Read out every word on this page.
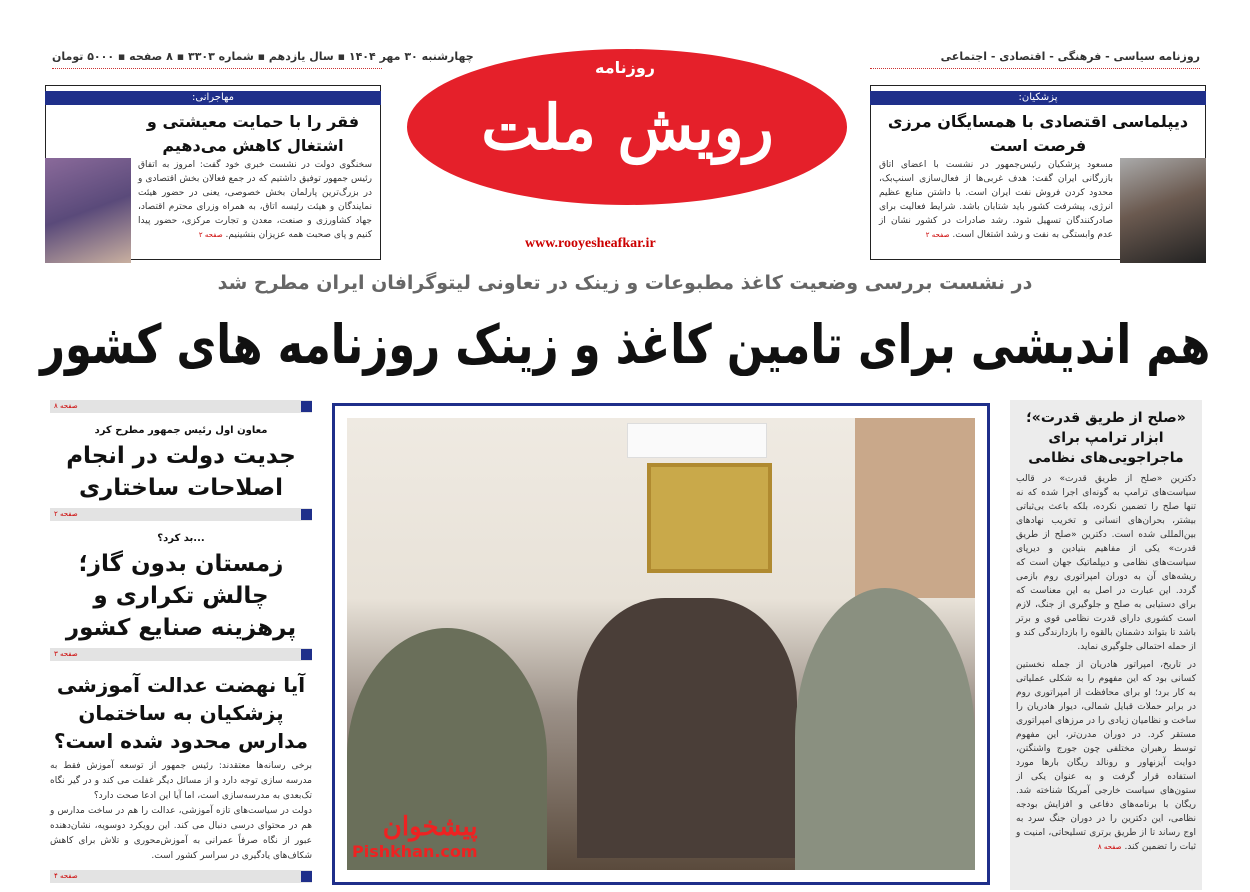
چهارشنبه ۳۰ مهر ۱۴۰۴ ▪ سال یازدهم ▪ شماره ۳۳۰۳ ▪ ۸ صفحه ▪ ۵۰۰۰ تومان	روزنامه سیاسی - فرهنگی - اقتصادی - اجتماعی
مهاجرانی:
فقر را با حمایت معیشتی و اشتغال کاهش می‌دهیم

سخنگوی دولت در نشست خبری خود گفت: امروز به اتفاق رئیس جمهور توفیق داشتیم که در جمع فعالان بخش اقتصادی و در بزرگ‌ترین پارلمان بخش خصوصی، یعنی در حضور هیئت نمایندگان و هیئت رئیسه اتاق، به همراه وزرای محترم اقتصاد، جهاد کشاورزی و صنعت، معدن و تجارت مرکزی، حضور پیدا کنیم و پای صحبت همه عزیزان بنشینیم. صفحه ۲

پزشکیان:
دیپلماسی اقتصادی با همسایگان مرزی فرصت است

مسعود پزشکیان رئیس‌جمهور در نشست با اعضای اتاق بازرگانی ایران گفت: هدف غربی‌ها از فعال‌سازی اسنپ‌بک، محدود کردن فروش نفت ایران است. با داشتن منابع عظیم انرژی، پیشرفت کشور باید شتابان باشد. شرایط فعالیت برای صادرکنندگان تسهیل شود. رشد صادرات در کشور نشان از عدم وابستگی به نفت و رشد اشتغال است. صفحه ۲

رویش ملت
روزنامه
www.rooyesheafkar.ir
در نشست بررسی وضعیت کاغذ مطبوعات و زینک در تعاونی لیتوگرافان ایران مطرح شد
هم اندیشی برای تامین کاغذ و زینک روزنامه های کشور
صفحه ۸
معاون اول رئیس جمهور مطرح کرد
جدیت دولت در انجام اصلاحات ساختاری
صفحه ۲
...بد کرد؟
زمستان بدون گاز؛ چالش تکراری و پرهزینه صنایع کشور
صفحه ۳
آیا نهضت عدالت آموزشی پزشکیان به ساختمان مدارس محدود شده است؟

برخی رسانه‌ها معتقدند: رئیس جمهور از توسعه آموزش فقط به مدرسه سازی توجه دارد و از مسائل دیگر غفلت می کند و در گیر نگاه تک‌بعدی به مدرسه‌سازی است، اما آیا این ادعا صحت دارد؟

دولت در سیاست‌های تازه آموزشی، عدالت را هم در ساخت مدارس و هم در محتوای درسی دنبال می کند. این رویکرد دوسویه، نشان‌دهنده عبور از نگاه صرفاً عمرانی به آموزش‌محوری و تلاش برای کاهش شکاف‌های یادگیری در سراسر کشور است.

صفحه ۴
پیشخوان
Pishkhan.com
«صلح از طریق قدرت»؛ ابزار ترامپ برای ماجراجویی‌های نظامی

دکترین «صلح از طریق قدرت» در قالب سیاست‌های ترامپ به گونه‌ای اجرا شده که نه تنها صلح را تضمین نکرده، بلکه باعث بی‌ثباتی بیشتر، بحران‌های انسانی و تخریب نهادهای بین‌المللی شده است. دکترین «صلح از طریق قدرت» یکی از مفاهیم بنیادین و دیرپای سیاست‌های نظامی و دیپلماتیک جهان است که ریشه‌های آن به دوران امپراتوری روم بازمی گردد. این عبارت در اصل به این معناست که برای دستیابی به صلح و جلوگیری از جنگ، لازم است کشوری دارای قدرت نظامی قوی و برتر باشد تا بتواند دشمنان بالقوه را بازدارندگی کند و از حمله احتمالی جلوگیری نماید.

در تاریخ، امپراتور هادریان از جمله نخستین کسانی بود که این مفهوم را به شکلی عملیاتی به کار برد؛ او برای محافظت از امپراتوری روم در برابر حملات قبایل شمالی، دیوار هادریان را ساخت و نظامیان زیادی را در مرزهای امپراتوری مستقر کرد. در دوران مدرن‌تر، این مفهوم توسط رهبران مختلفی چون جورج واشنگتن، دوایت آیزنهاور و رونالد ریگان بارها مورد استفاده قرار گرفت و به عنوان یکی از ستون‌های سیاست خارجی آمریکا شناخته شد. ریگان با برنامه‌های دفاعی و افزایش بودجه نظامی، این دکترین را در دوران جنگ سرد به اوج رساند تا از طریق برتری تسلیحاتی، امنیت و ثبات را تضمین کند. صفحه ۸
